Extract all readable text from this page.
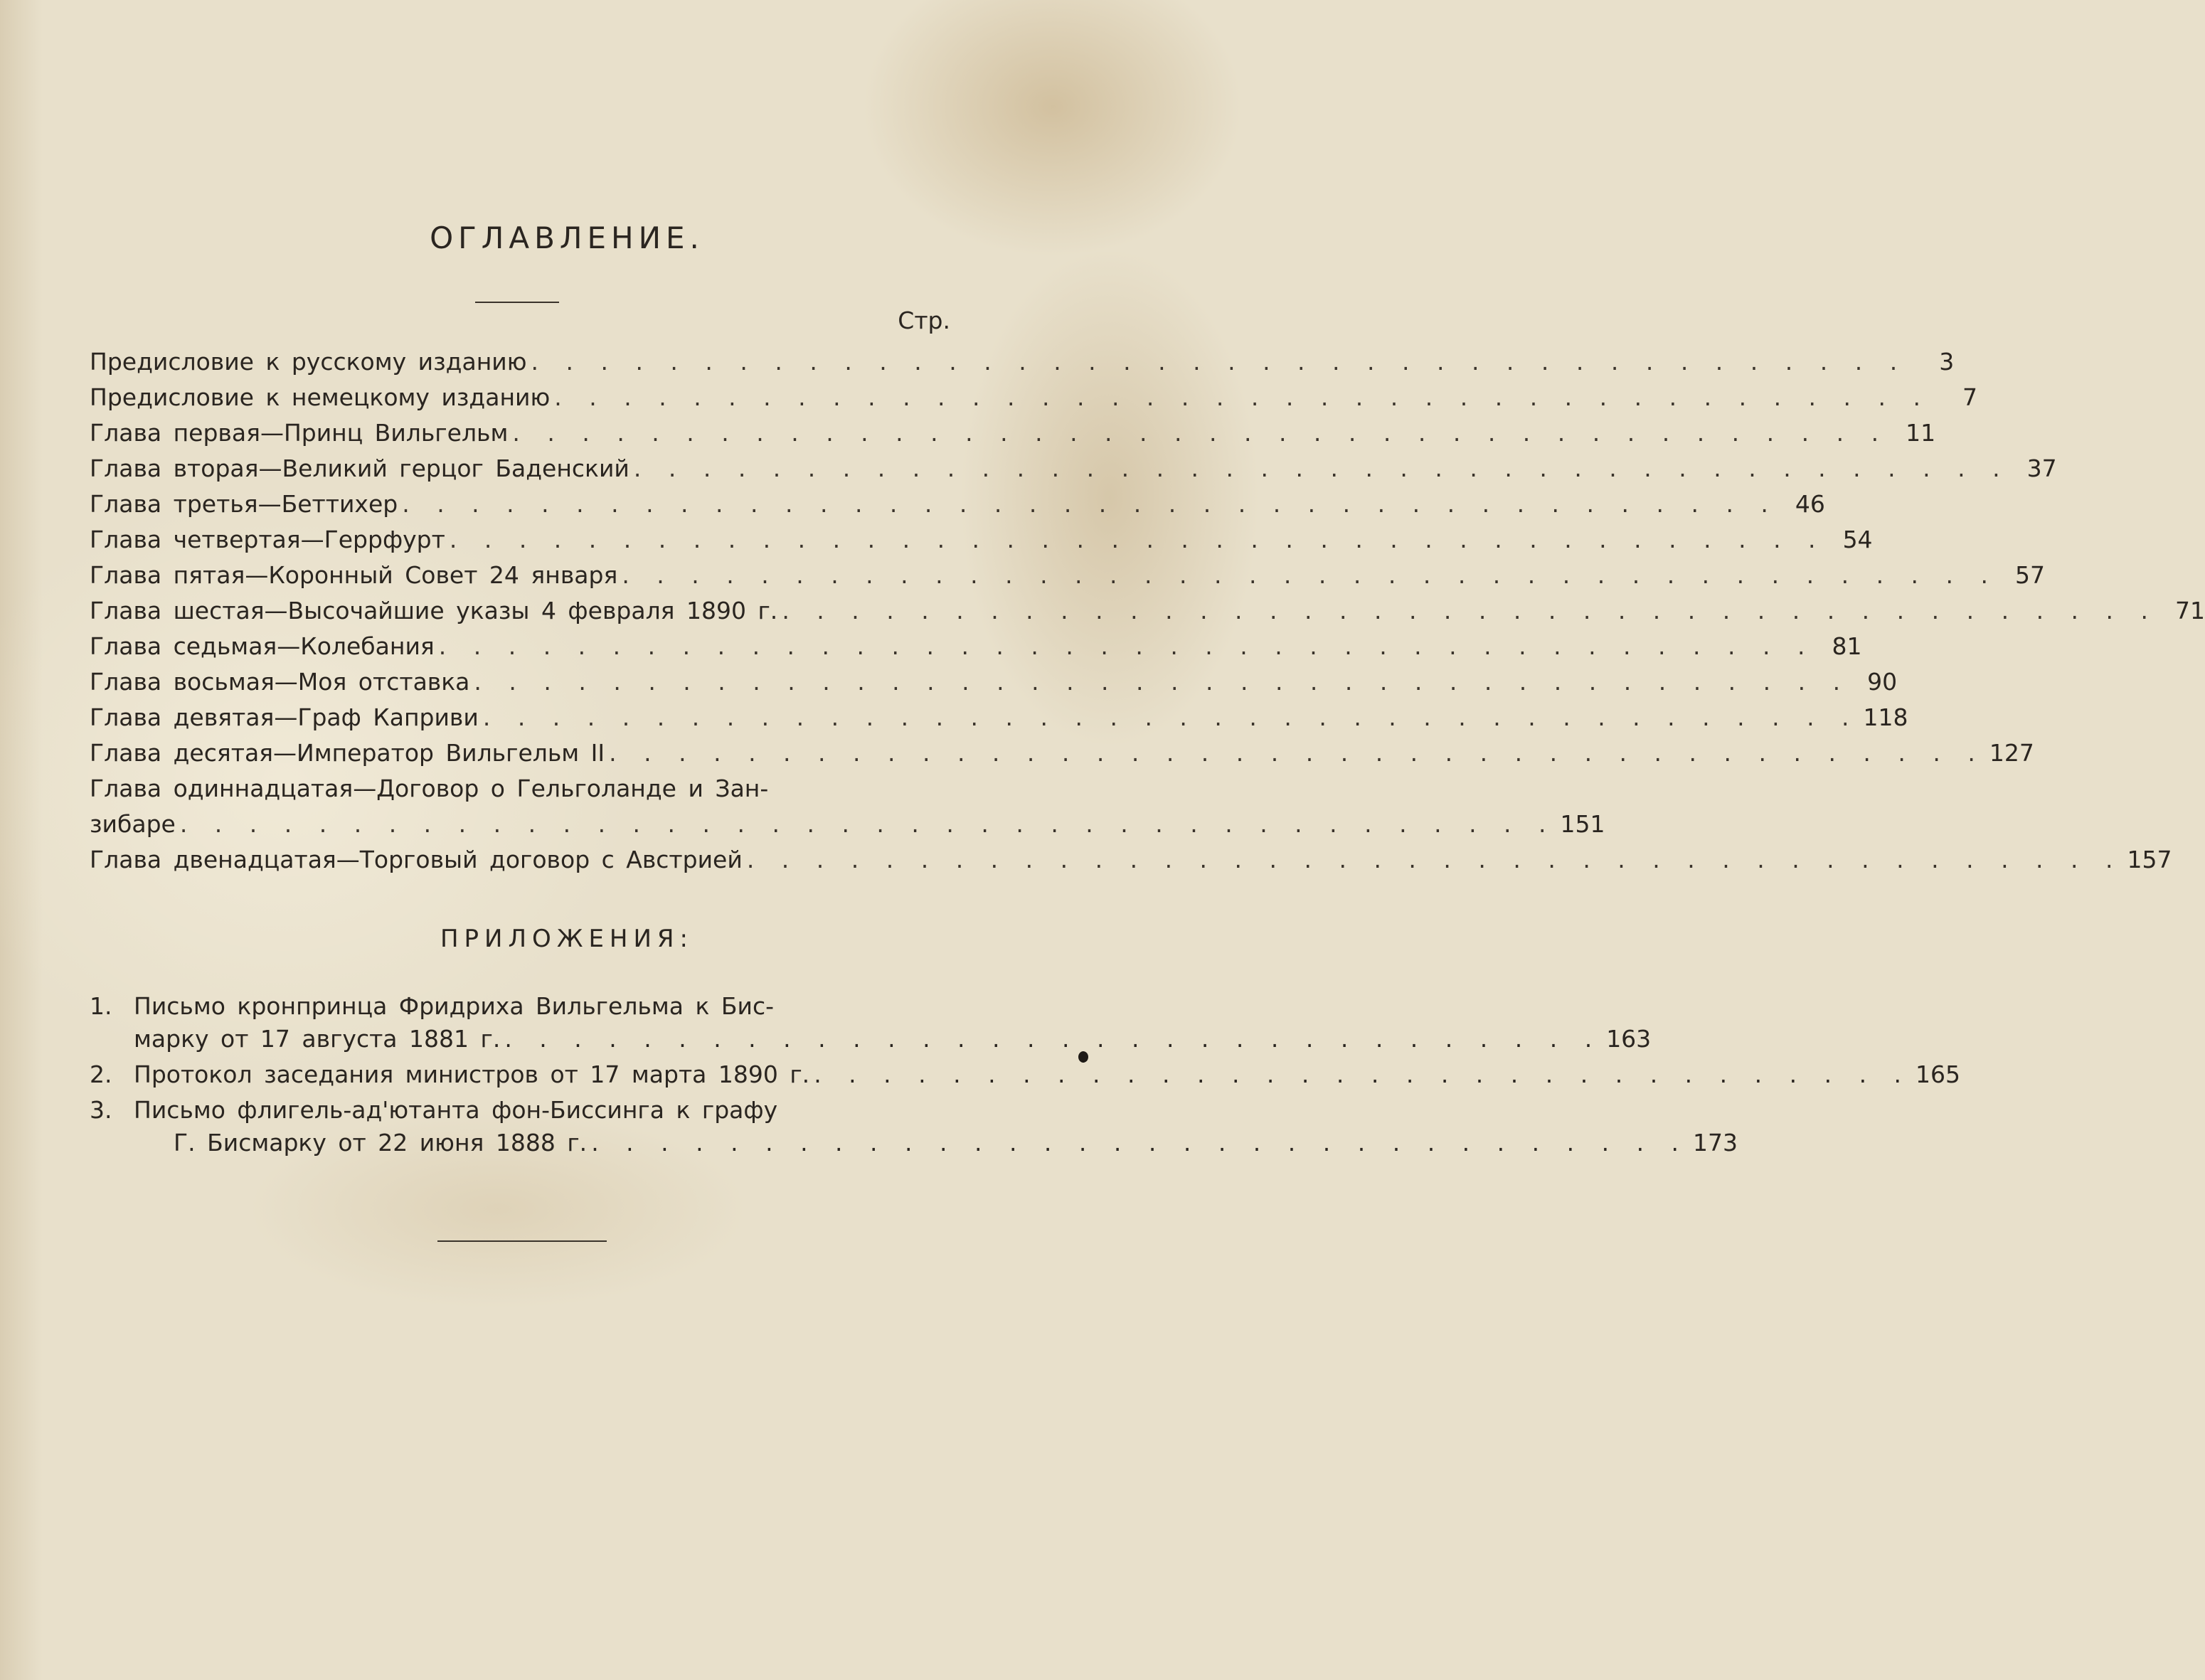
ОГЛАВЛЕНИЕ.
Стр.
Предисловие к русскому изданию . . .	3
Предисловие к немецкому изданию . . .	7
Глава первая—Принц Вильгельм . . .	11
Глава вторая—Великий герцог Баденский . . .	37
Глава третья—Беттихер . . .	46
Глава четвертая—Геррфурт . . .	54
Глава пятая—Коронный Совет 24 января . . .	57
Глава шестая—Высочайшие указы 4 февраля 1890 г. . . .	71
Глава седьмая—Колебания . . .	81
Глава восьмая—Моя отставка . . .	90
Глава девятая—Граф Каприви . . .	118
Глава десятая—Император Вильгельм II . . .	127
Глава одиннадцатая—Договор о Гельголанде и Зан-
зибаре . . .	151
Глава двенадцатая—Торговый договор с Австрией . . .	157
ПРИЛОЖЕНИЯ:
1. Письмо кронпринца Фридриха Вильгельма к Бис-
марку от 17 августа 1881 г. . . .	163
2. Протокол заседания министров от 17 марта 1890 г. . . .	165
3. Письмо флигель-ад'ютанта фон-Биссинга к графу
Г. Бисмарку от 22 июня 1888 г. . . .	173
